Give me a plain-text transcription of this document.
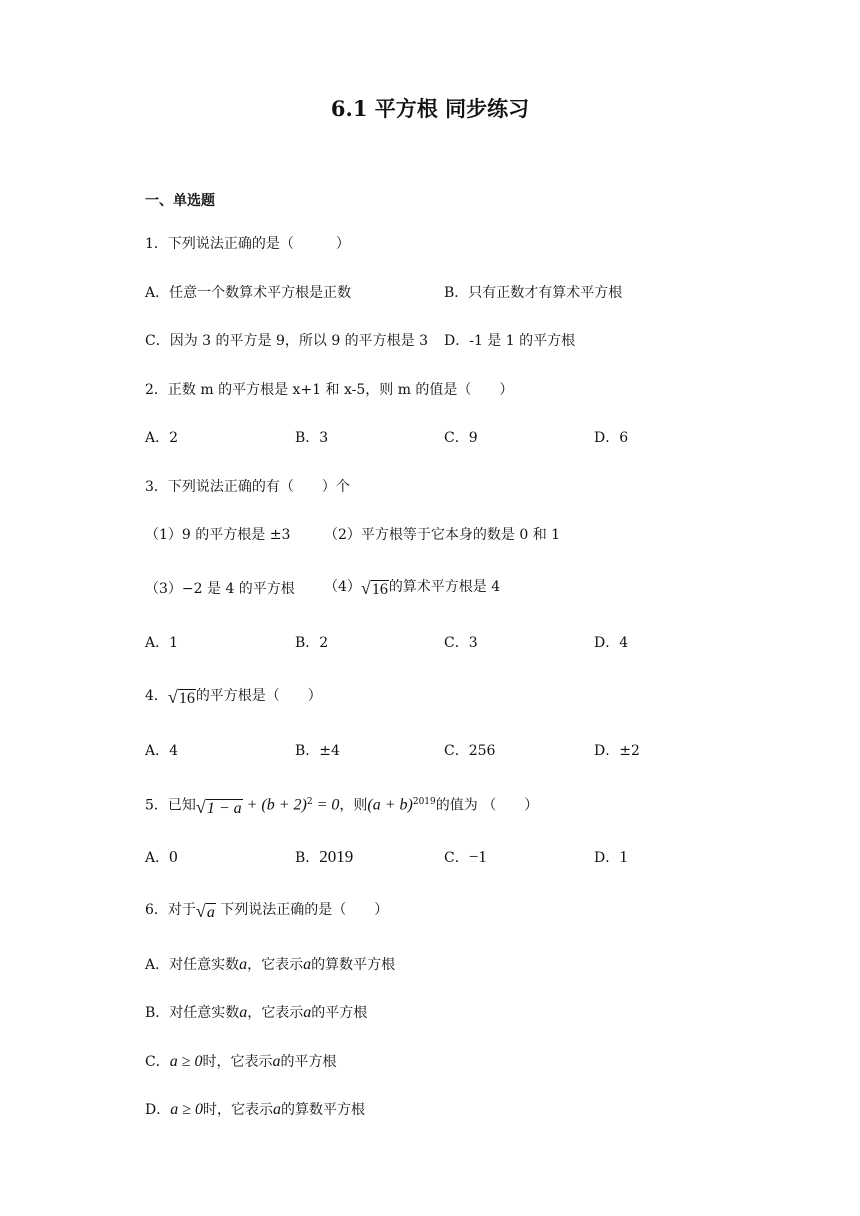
6.1 平方根 同步练习
一、单选题
1．下列说法正确的是（　　　）
A．任意一个数算术平方根是正数	B．只有正数才有算术平方根
C．因为 3 的平方是 9，所以 9 的平方根是 3 D．-1 是 1 的平方根
2．正数 m 的平方根是 x+1 和 x-5，则 m 的值是（　　）
A．2	B．3	C．9	D．6
3．下列说法正确的有（　　）个
（1）9 的平方根是 ±3 （2）平方根等于它本身的数是 0 和 1
（3）−2 是 4 的平方根 （4）√16的算术平方根是 4
A．1	B．2	C．3	D．4
4．√16的平方根是（　　）
A．4	B．±4	C．256	D．±2
5．已知$√1 - a + (b + 2)^2 = 0$，则$(a + b)^{2019}$的值为 （　　）
A．0	B．2019	C．−1	D．1
6．对于√a 下列说法正确的是（　　）
A．对任意实数a，它表示a的算数平方根
B．对任意实数a，它表示a的平方根
C．a ≥ 0时，它表示a的平方根
D．a ≥ 0时，它表示a的算数平方根
